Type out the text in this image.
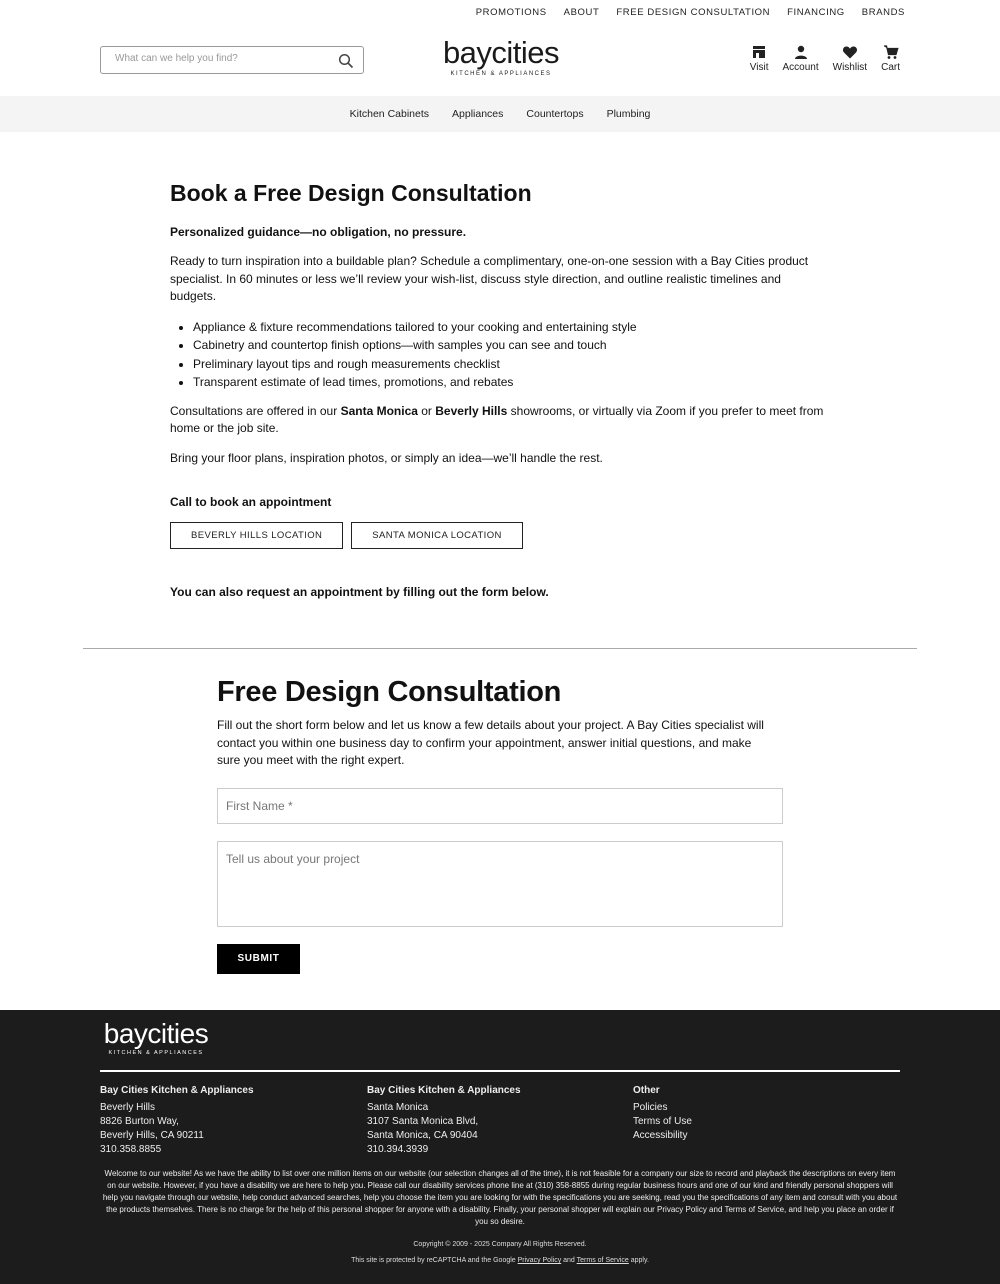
PROMOTIONS ABOUT FREE DESIGN CONSULTATION FINANCING BRANDS
What can we help you find?
baycities
KITCHEN & APPLIANCES
Visit Account Wishlist Cart
Kitchen Cabinets Appliances Countertops Plumbing
Book a Free Design Consultation

Personalized guidance—no obligation, no pressure.

Ready to turn inspiration into a buildable plan? Schedule a complimentary, one-on-one session with a Bay Cities product specialist. In 60 minutes or less we’ll review your wish-list, discuss style direction, and outline realistic timelines and budgets.

• Appliance & fixture recommendations tailored to your cooking and entertaining style
• Cabinetry and countertop finish options—with samples you can see and touch
• Preliminary layout tips and rough measurements checklist
• Transparent estimate of lead times, promotions, and rebates

Consultations are offered in our Santa Monica or Beverly Hills showrooms, or virtually via Zoom if you prefer to meet from home or the job site.

Bring your floor plans, inspiration photos, or simply an idea—we’ll handle the rest.

Call to book an appointment

BEVERLY HILLS LOCATION	SANTA MONICA LOCATION

You can also request an appointment by filling out the form below.

Free Design Consultation

Fill out the short form below and let us know a few details about your project. A Bay Cities specialist will contact you within one business day to confirm your appointment, answer initial questions, and make sure you meet with the right expert.

First Name *
Tell us about your project SUBMIT
baycities
KITCHEN & APPLIANCES
Bay Cities Kitchen & Appliances
Beverly Hills
8826 Burton Way,
Beverly Hills, CA 90211
310.358.8855
Bay Cities Kitchen & Appliances
Santa Monica
3107 Santa Monica Blvd,
Santa Monica, CA 90404
310.394.3939
Other
Policies
Terms of Use
Accessibility

Welcome to our website! As we have the ability to list over one million items on our website (our selection changes all of the time), it is not feasible for a company our size to record and playback the descriptions on every item on our website. However, if you have a disability we are here to help you. Please call our disability services phone line at (310) 358-8855 during regular business hours and one of our kind and friendly personal shoppers will help you navigate through our website, help conduct advanced searches, help you choose the item you are looking for with the specifications you are seeking, read you the specifications of any item and consult with you about the products themselves. There is no charge for the help of this personal shopper for anyone with a disability. Finally, your personal shopper will explain our Privacy Policy and Terms of Service, and help you place an order if you so desire.

Copyright © 2009 - 2025 Company All Rights Reserved.

This site is protected by reCAPTCHA and the Google Privacy Policy and Terms of Service apply.
